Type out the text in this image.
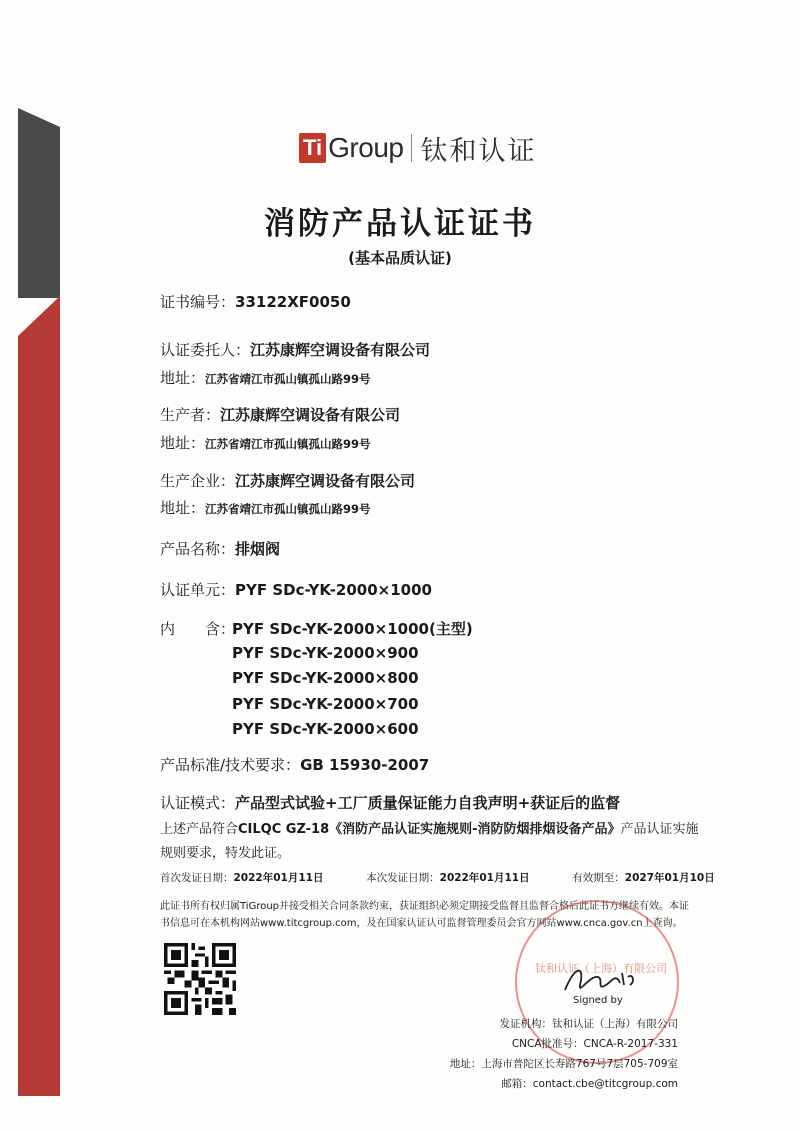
Ti Group 钛和认证
消防产品认证证书
(基本品质认证)
证书编号：33122XF0050
认证委托人：江苏康辉空调设备有限公司
地址：江苏省靖江市孤山镇孤山路99号
生产者：江苏康辉空调设备有限公司
地址：江苏省靖江市孤山镇孤山路99号
生产企业：江苏康辉空调设备有限公司
地址：江苏省靖江市孤山镇孤山路99号
产品名称：排烟阀
认证单元：PYF SDc-YK-2000×1000
内　　含：
PYF SDc-YK-2000×1000(主型)
PYF SDc-YK-2000×900
PYF SDc-YK-2000×800
PYF SDc-YK-2000×700
PYF SDc-YK-2000×600
产品标准/技术要求：GB 15930-2007
认证模式：产品型式试验+工厂质量保证能力自我声明+获证后的监督
上述产品符合CILQC GZ-18《消防产品认证实施规则-消防防烟排烟设备产品》产品认证实施规则要求，特发此证。
首次发证日期：2022年01月11日	本次发证日期：2022年01月11日	有效期至：2027年01月10日
此证书所有权归属TiGroup并接受相关合同条款约束，获证组织必须定期接受监督且监督合格后此证书方继续有效。本证书信息可在本机构网站www.titcgroup.com，及在国家认证认可监督管理委员会官方网站www.cnca.gov.cn上查询。
钛和认证（上海）有限公司
Signed by
发证机构：钛和认证（上海）有限公司
CNCA批准号：CNCA-R-2017-331
地址：上海市普陀区长寿路767号7层705-709室
邮箱：contact.cbe@titcgroup.com
